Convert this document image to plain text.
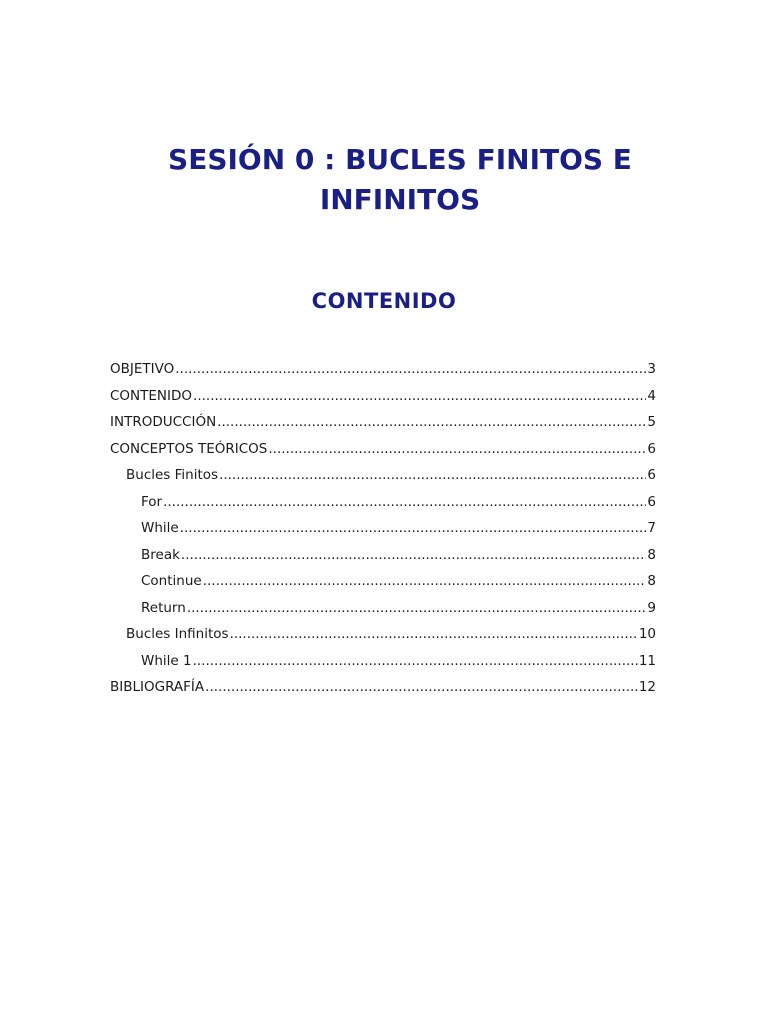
SESIÓN 0 : BUCLES FINITOS E
INFINITOS
CONTENIDO
OBJETIVO .....	3
CONTENIDO .....	4
INTRODUCCIÓN .....	5
CONCEPTOS TEÓRICOS .....	6
Bucles Finitos .....	6
For .....	6
While .....	7
Break .....	8
Continue .....	8
Return .....	9
Bucles Infinitos .....	10
While 1 .....	11
BIBLIOGRAFÍA .....	12
